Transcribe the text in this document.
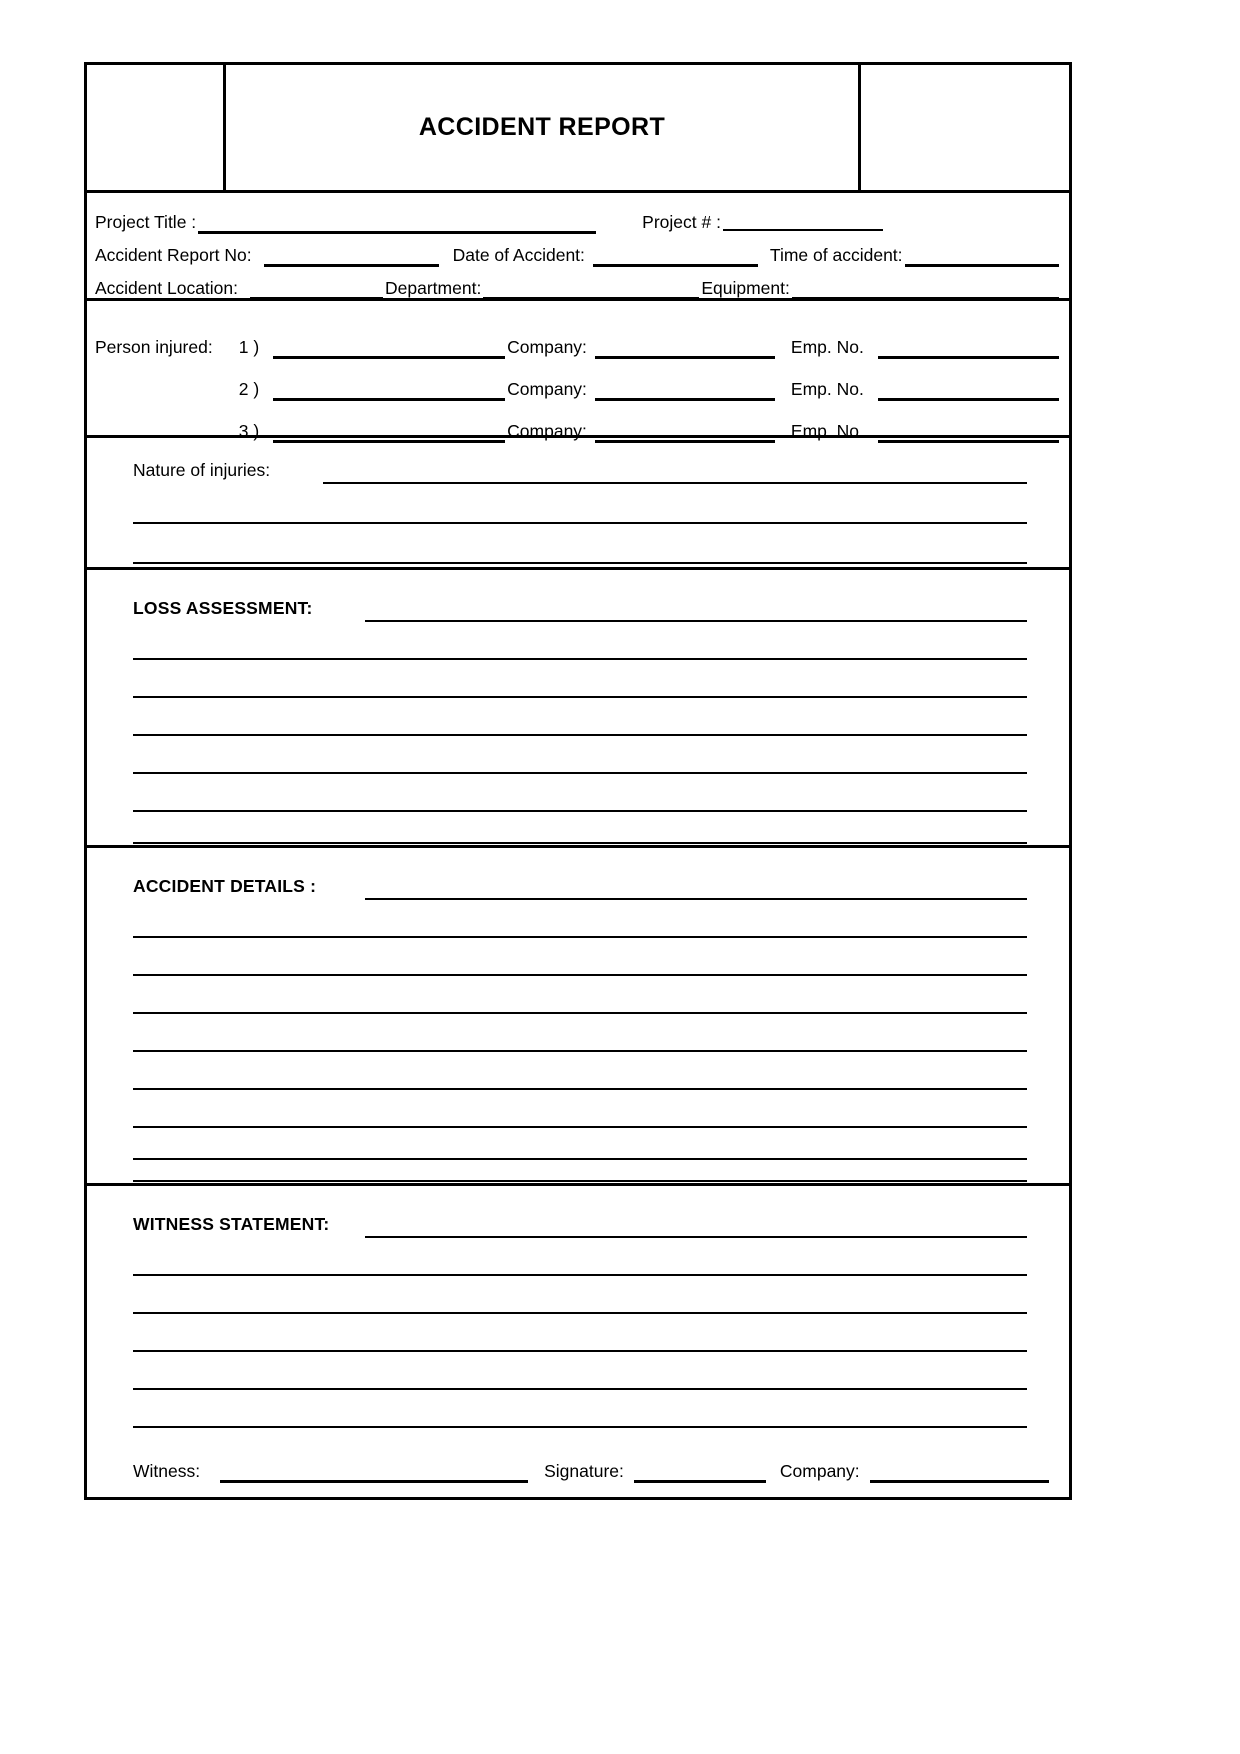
ACCIDENT REPORT
Project Title :	Project # :
Accident Report No:	Date of Accident:	Time of accident:
Accident Location:	Department:	Equipment:
Person injured: 1 )	Company:	Emp. No.
2 )	Company:	Emp. No.
3 )	Company:	Emp. No.
Nature of injuries:
LOSS ASSESSMENT:
ACCIDENT DETAILS :
WITNESS STATEMENT:
Witness:	Signature:	Company:
